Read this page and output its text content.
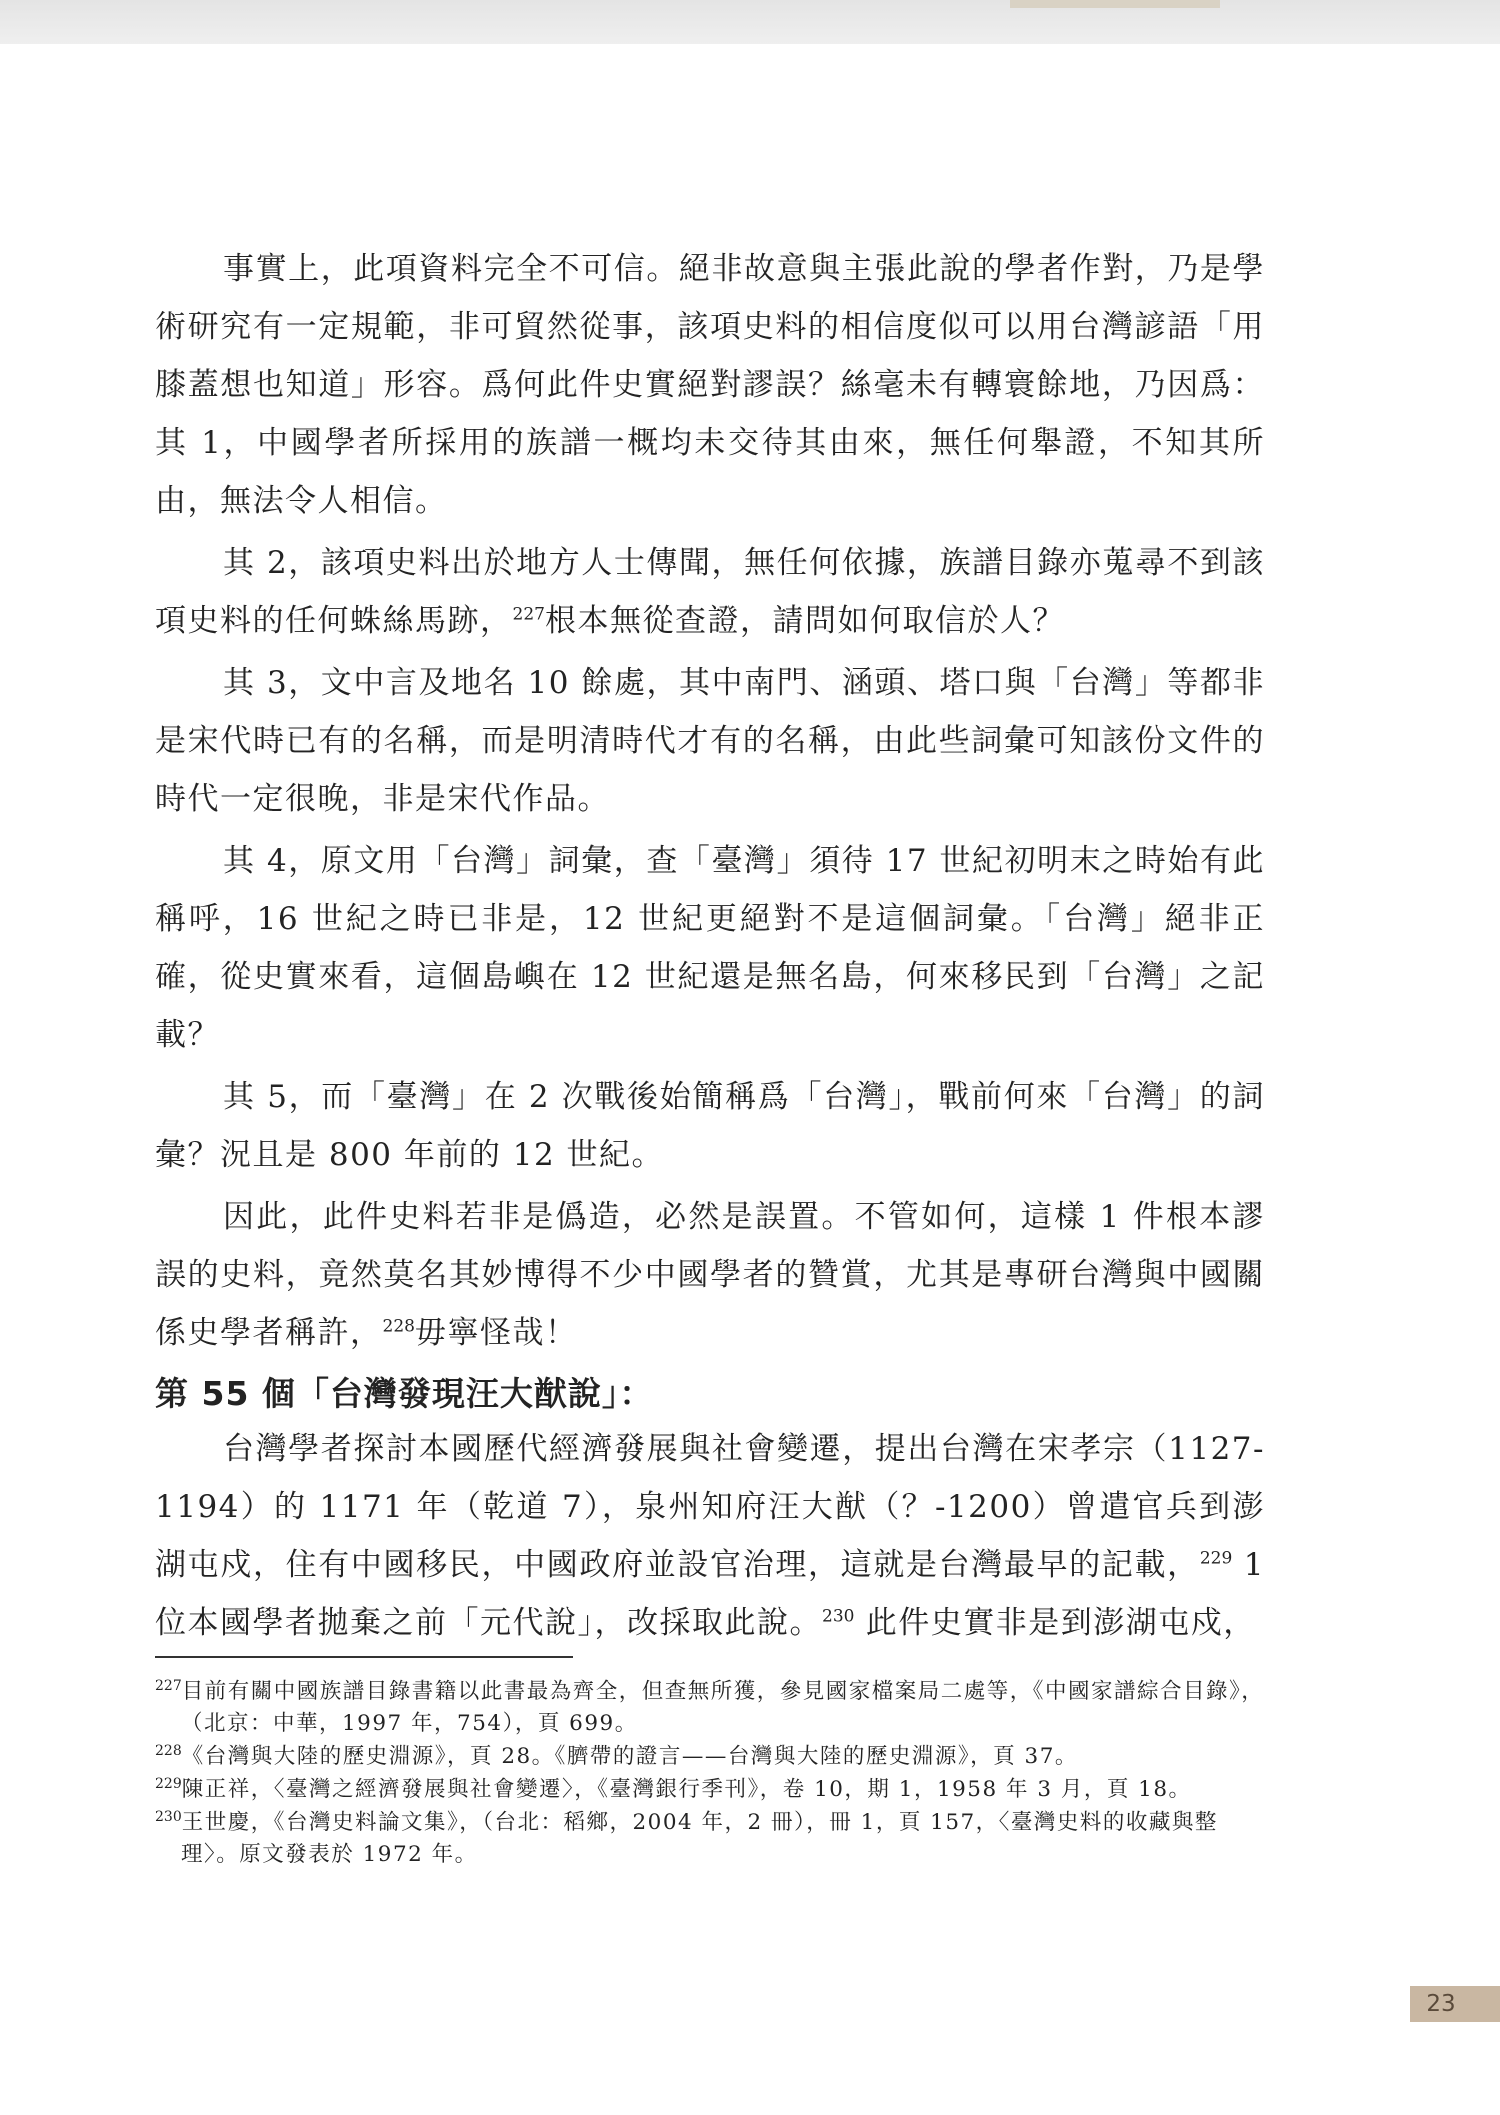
事實上，此項資料完全不可信。絕非故意與主張此說的學者作對，乃是學術研究有一定規範，非可貿然從事，該項史料的相信度似可以用台灣諺語「用膝蓋想也知道」形容。爲何此件史實絕對謬誤？絲毫未有轉寰餘地，乃因爲：其 1，中國學者所採用的族譜一概均未交待其由來，無任何舉證，不知其所由，無法令人相信。

其 2，該項史料出於地方人士傳聞，無任何依據，族譜目錄亦蒐尋不到該項史料的任何蛛絲馬跡，$^{227}$根本無從查證，請問如何取信於人？

其 3，文中言及地名 10 餘處，其中南門、涵頭、塔口與「台灣」等都非是宋代時已有的名稱，而是明清時代才有的名稱，由此些詞彙可知該份文件的時代一定很晚，非是宋代作品。

其 4，原文用「台灣」詞彙，查「臺灣」須待 17 世紀初明末之時始有此稱呼，16 世紀之時已非是，12 世紀更絕對不是這個詞彙。「台灣」絕非正確，從史實來看，這個島嶼在 12 世紀還是無名島，何來移民到「台灣」之記載？

其 5，而「臺灣」在 2 次戰後始簡稱爲「台灣」，戰前何來「台灣」的詞彙？況且是 800 年前的 12 世紀。

因此，此件史料若非是僞造，必然是誤置。不管如何，這樣 1 件根本謬誤的史料，竟然莫名其妙博得不少中國學者的贊賞，尤其是專研台灣與中國關係史學者稱許，$^{228}$毋寧怪哉！

第 55 個「台灣發現汪大猷說」：

台灣學者探討本國歷代經濟發展與社會變遷，提出台灣在宋孝宗（1127-1194）的 1171 年（乾道 7），泉州知府汪大猷（？-1200）曾遣官兵到澎湖屯戍，住有中國移民，中國政府並設官治理，這就是台灣最早的記載，$^{229}$ 1 位本國學者拋棄之前「元代說」，改採取此說。$^{230}$ 此件史實非是到澎湖屯戍，

$^{227}$目前有關中國族譜目錄書籍以此書最為齊全，但查無所獲，參見國家檔案局二處等，《中國家譜綜合目錄》，（北京：中華，1997 年，754），頁 699。

$^{228}$《台灣與大陸的歷史淵源》，頁 28。《臍帶的證言——台灣與大陸的歷史淵源》，頁 37。

$^{229}$陳正祥，〈臺灣之經濟發展與社會變遷〉，《臺灣銀行季刊》，卷 10，期 1，1958 年 3 月，頁 18。

$^{230}$王世慶，《台灣史料論文集》，（台北：稻鄉，2004 年，2 冊），冊 1，頁 157，〈臺灣史料的收藏與整理〉。原文發表於 1972 年。

23
